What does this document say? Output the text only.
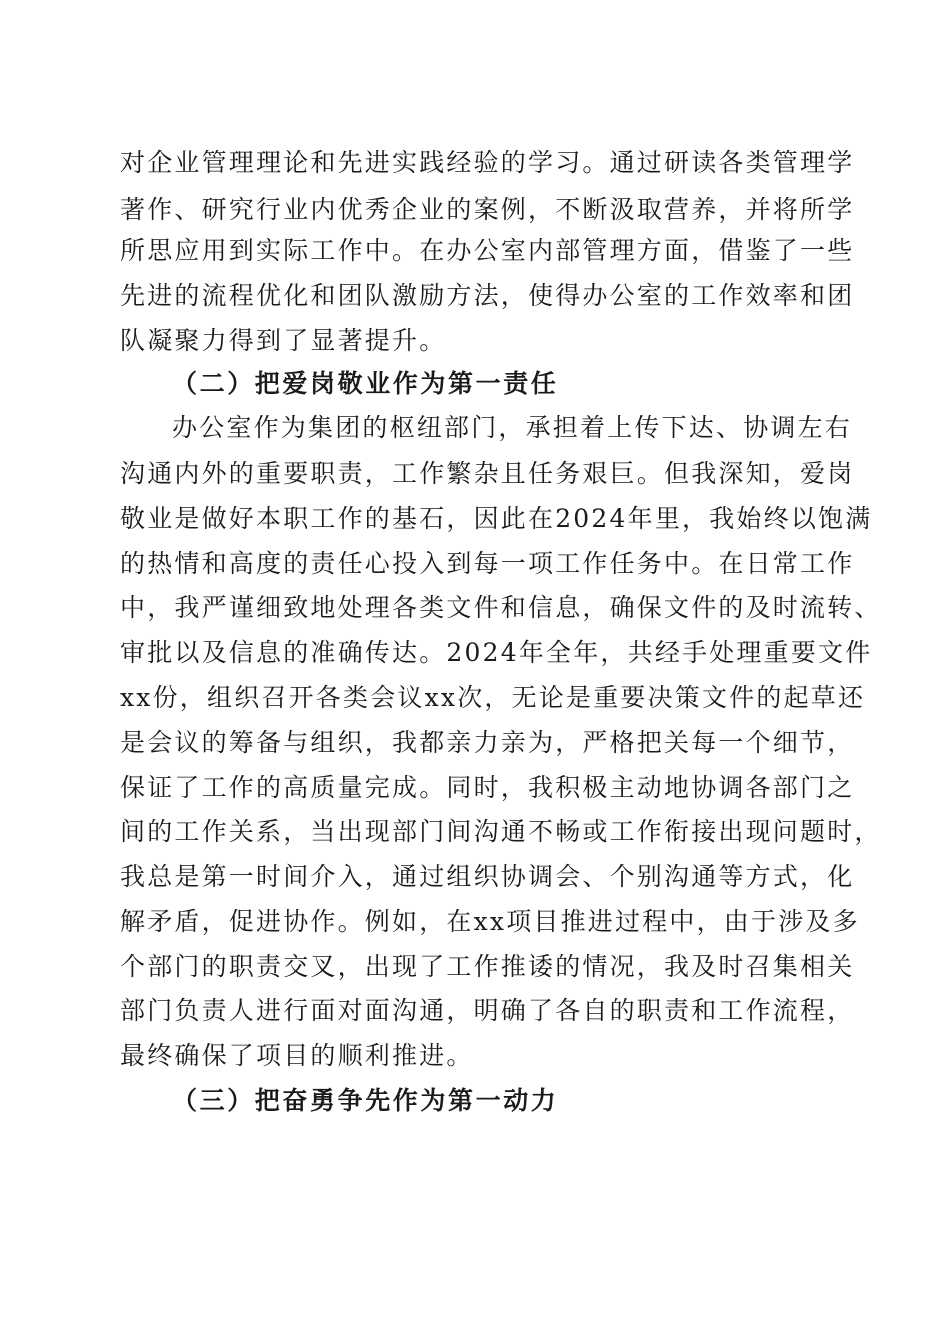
对企业管理理论和先进实践经验的学习。通过研读各类管理学
著作、研究行业内优秀企业的案例，不断汲取营养，并将所学
所思应用到实际工作中。在办公室内部管理方面，借鉴了一些
先进的流程优化和团队激励方法，使得办公室的工作效率和团
队凝聚力得到了显著提升。
（二）把爱岗敬业作为第一责任
办公室作为集团的枢纽部门，承担着上传下达、协调左右
沟通内外的重要职责，工作繁杂且任务艰巨。但我深知，爱岗
敬业是做好本职工作的基石，因此在2024年里，我始终以饱满
的热情和高度的责任心投入到每一项工作任务中。在日常工作
中，我严谨细致地处理各类文件和信息，确保文件的及时流转、
审批以及信息的准确传达。2024年全年，共经手处理重要文件
xx份，组织召开各类会议xx次，无论是重要决策文件的起草还
是会议的筹备与组织，我都亲力亲为，严格把关每一个细节，
保证了工作的高质量完成。同时，我积极主动地协调各部门之
间的工作关系，当出现部门间沟通不畅或工作衔接出现问题时，
我总是第一时间介入，通过组织协调会、个别沟通等方式，化
解矛盾，促进协作。例如，在xx项目推进过程中，由于涉及多
个部门的职责交叉，出现了工作推诿的情况，我及时召集相关
部门负责人进行面对面沟通，明确了各自的职责和工作流程，
最终确保了项目的顺利推进。
（三）把奋勇争先作为第一动力
